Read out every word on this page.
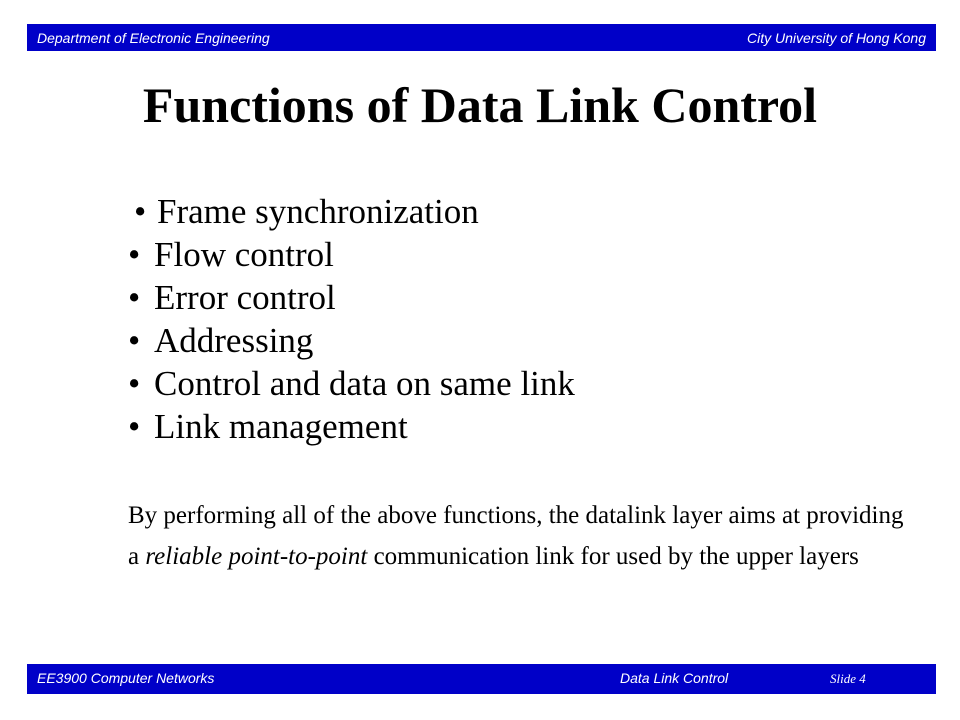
Department of Electronic Engineering	City University of Hong Kong
Functions of Data Link Control
• Frame synchronization
• Flow control
• Error control
• Addressing
• Control and data on same link
• Link management

By performing all of the above functions, the datalink layer aims at providing a reliable point-to-point communication link for used by the upper layers

EE3900 Computer Networks	Data Link Control	Slide 4
